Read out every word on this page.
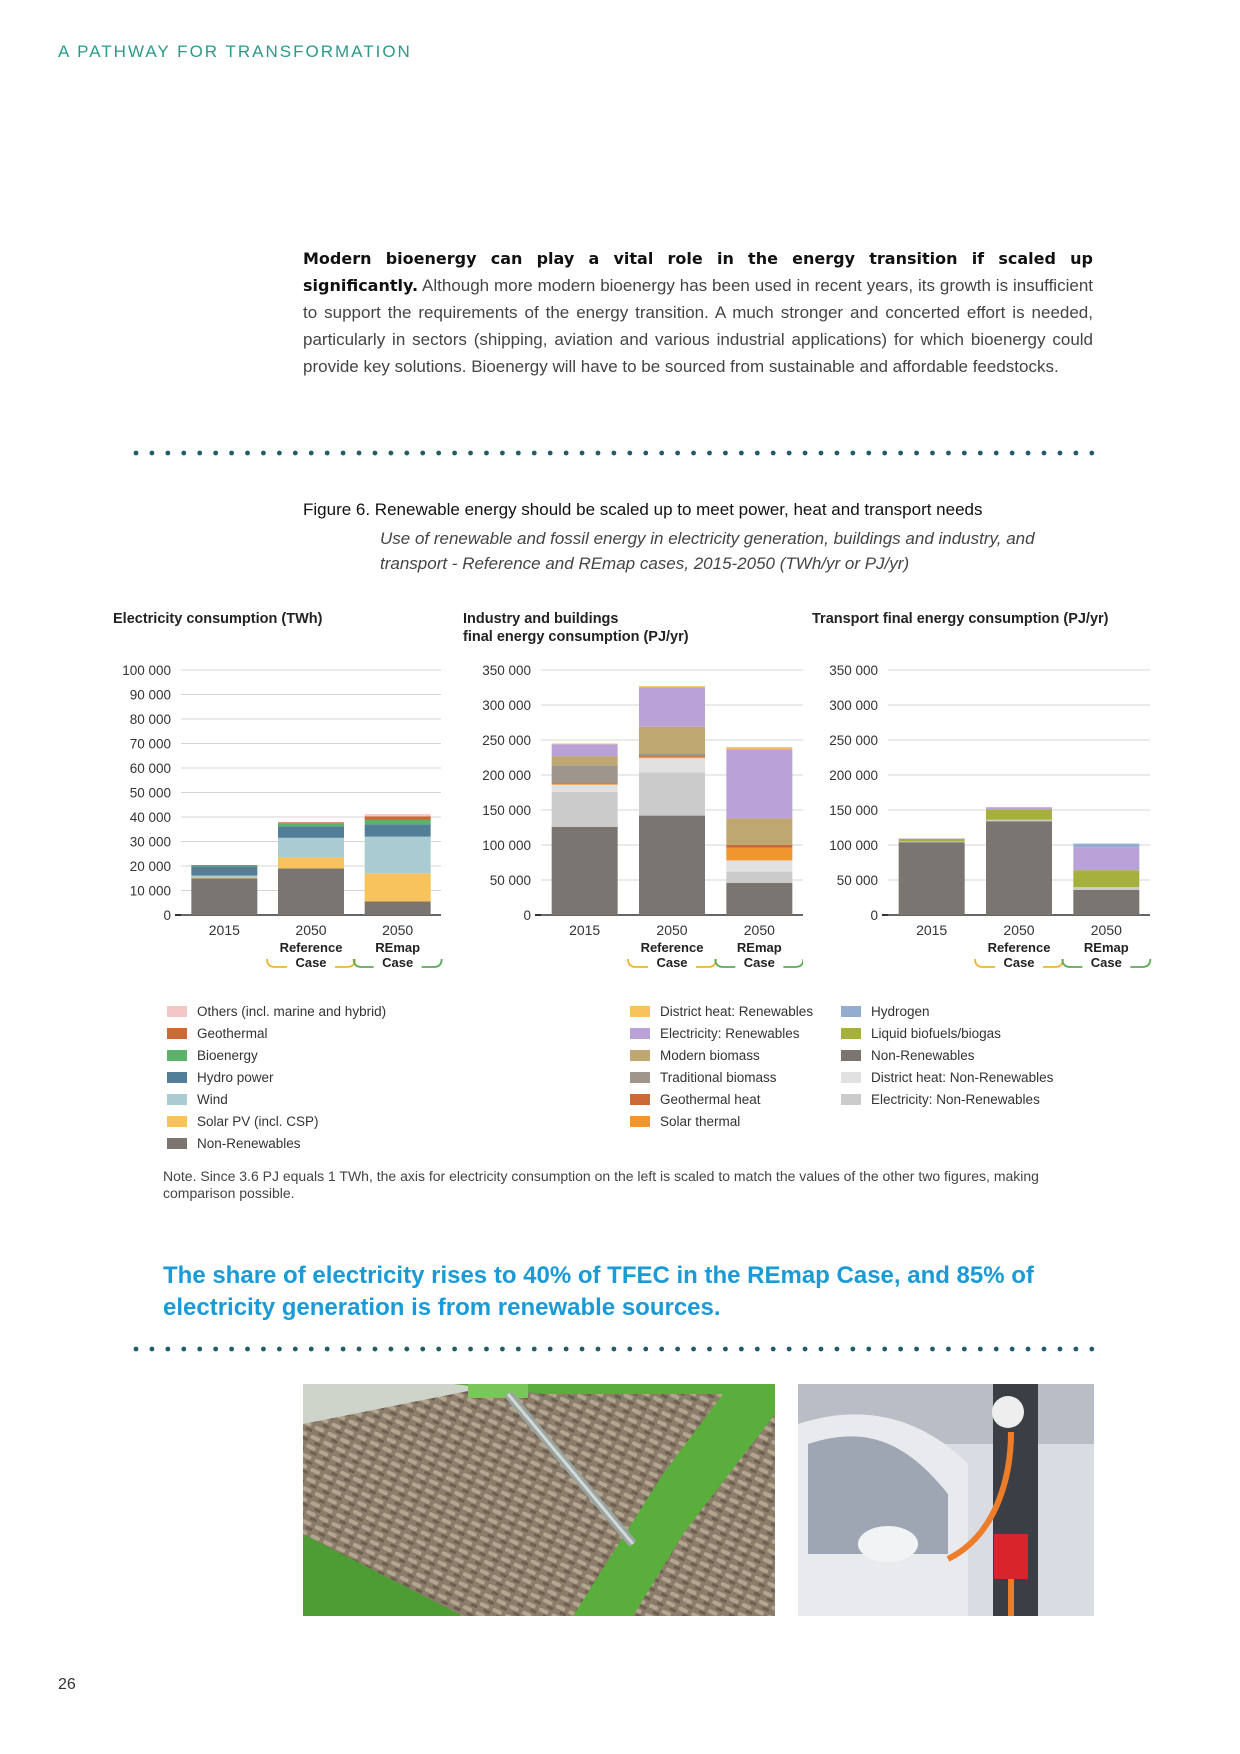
A PATHWAY FOR TRANSFORMATION
Modern bioenergy can play a vital role in the energy transition if scaled up significantly. Although more modern bioenergy has been used in recent years, its growth is insufficient to support the requirements of the energy transition. A much stronger and concerted effort is needed, particularly in sectors (shipping, aviation and various industrial applications) for which bioenergy could provide key solutions. Bioenergy will have to be sourced from sustainable and affordable feedstocks.
Figure 6. Renewable energy should be scaled up to meet power, heat and transport needs
Use of renewable and fossil energy in electricity generation, buildings and industry, and transport - Reference and REmap cases, 2015-2050 (TWh/yr or PJ/yr)
Electricity consumption (TWh)
0
10 000
20 000
30 000
40 000
50 000
60 000
70 000
80 000
90 000
100 000
2015	2050
Reference
Case
2050
REmap
Case
Industry and buildings
final energy consumption (PJ/yr)
0
50 000
100 000
150 000
200 000
250 000
300 000
350 000
2015	2050
Reference
Case
2050
REmap
Case
Transport final energy consumption (PJ/yr)
0
50 000
100 000
150 000
200 000
250 000
300 000
350 000
2015	2050
Reference
Case
2050
REmap
Case
Others (incl. marine and hybrid)
Geothermal
Bioenergy
Hydro power
Wind
Solar PV (incl. CSP)
Non-Renewables
District heat: Renewables
Electricity: Renewables
Modern biomass
Traditional biomass
Geothermal heat
Solar thermal
Hydrogen
Liquid biofuels/biogas
Non-Renewables
District heat: Non-Renewables
Electricity: Non-Renewables
Note. Since 3.6 PJ equals 1 TWh, the axis for electricity consumption on the left is scaled to match the values of the other two figures, making comparison possible.
The share of electricity rises to 40% of TFEC in the REmap Case, and 85% of electricity generation is from renewable sources.
26
